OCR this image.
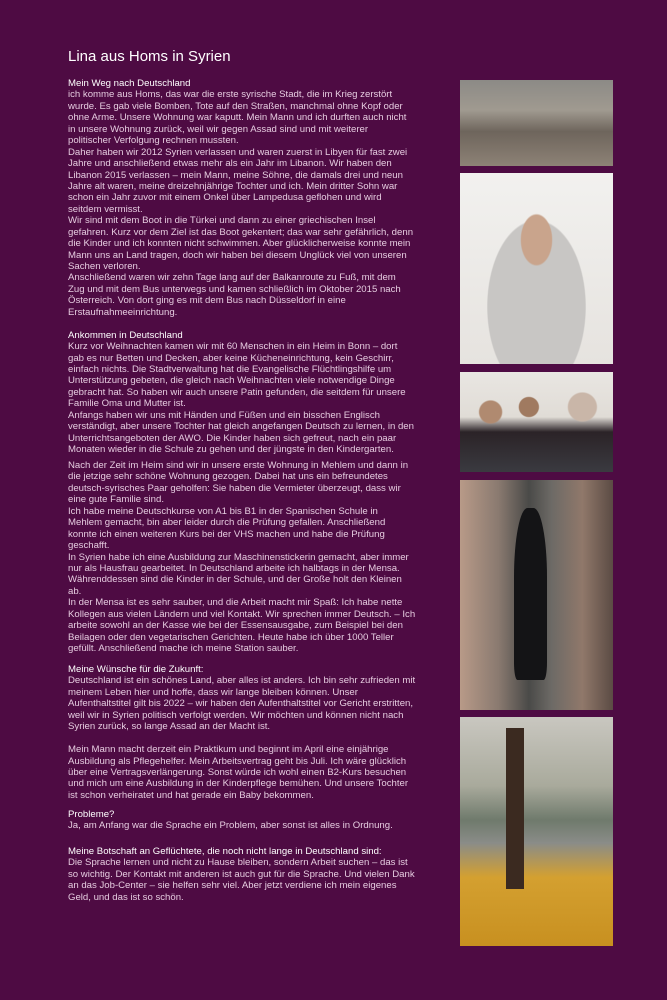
Lina aus Homs in Syrien
Mein Weg nach Deutschland
ich komme aus Homs, das war die erste syrische Stadt, die im Krieg zerstört
wurde. Es gab viele Bomben, Tote auf den Straßen, manchmal ohne Kopf oder
ohne Arme. Unsere Wohnung war kaputt. Mein Mann und ich durften auch nicht
in unsere Wohnung zurück, weil wir gegen Assad sind und mit weiterer
politischer Verfolgung rechnen mussten.
Daher haben wir 2012 Syrien verlassen und waren zuerst in Libyen für fast zwei
Jahre und anschließend etwas mehr als ein Jahr im Libanon. Wir haben den
Libanon 2015 verlassen – mein Mann, meine Söhne, die damals drei und neun
Jahre alt waren, meine dreizehnjährige Tochter und ich. Mein dritter Sohn war
schon ein Jahr zuvor mit einem Onkel über Lampedusa geflohen und wird
seitdem vermisst.
Wir sind mit dem Boot in die Türkei und dann zu einer griechischen Insel
gefahren. Kurz vor dem Ziel ist das Boot gekentert; das war sehr gefährlich, denn
die Kinder und ich konnten nicht schwimmen. Aber glücklicherweise konnte mein
Mann uns an Land tragen, doch wir haben bei diesem Unglück viel von unseren
Sachen verloren.
Anschließend waren wir zehn Tage lang auf der Balkanroute zu Fuß, mit dem
Zug und mit dem Bus unterwegs und kamen schließlich im Oktober 2015 nach
Österreich. Von dort ging es mit dem Bus nach Düsseldorf in eine
Erstaufnahmeeinrichtung.
Ankommen in Deutschland
Kurz vor Weihnachten kamen wir mit 60 Menschen in ein Heim in Bonn – dort
gab es nur Betten und Decken, aber keine Kücheneinrichtung, kein Geschirr,
einfach nichts. Die Stadtverwaltung hat die Evangelische Flüchtlingshilfe um
Unterstützung gebeten, die gleich nach Weihnachten viele notwendige Dinge
gebracht hat. So haben wir auch unsere Patin gefunden, die seitdem für unsere
Familie Oma und Mutter ist.
Anfangs haben wir uns mit Händen und Füßen und ein bisschen Englisch
verständigt, aber unsere Tochter hat gleich angefangen Deutsch zu lernen, in den
Unterrichtsangeboten der AWO. Die Kinder haben sich gefreut, nach ein paar
Monaten wieder in die Schule zu gehen und der jüngste in den Kindergarten.
Nach der Zeit im Heim sind wir in unsere erste Wohnung in Mehlem und dann in
die jetzige sehr schöne Wohnung gezogen. Dabei hat uns ein befreundetes
deutsch-syrisches Paar geholfen: Sie haben die Vermieter überzeugt, dass wir
eine gute Familie sind.
Ich habe meine Deutschkurse von A1 bis B1 in der Spanischen Schule in
Mehlem gemacht, bin aber leider durch die Prüfung gefallen. Anschließend
konnte ich einen weiteren Kurs bei der VHS machen und habe die Prüfung
geschafft.
In Syrien habe ich eine Ausbildung zur Maschinenstickerin gemacht, aber immer
nur als Hausfrau gearbeitet. In Deutschland arbeite ich halbtags in der Mensa.
Währenddessen sind die Kinder in der Schule, und der Große holt den Kleinen
ab.
In der Mensa ist es sehr sauber, und die Arbeit macht mir Spaß: Ich habe nette
Kollegen aus vielen Ländern und viel Kontakt. Wir sprechen immer Deutsch. – Ich
arbeite sowohl an der Kasse wie bei der Essensausgabe, zum Beispiel bei den
Beilagen oder den vegetarischen Gerichten. Heute habe ich über 1000 Teller
gefüllt. Anschließend mache ich meine Station sauber.
Meine Wünsche für die Zukunft:
Deutschland ist ein schönes Land, aber alles ist anders. Ich bin sehr zufrieden mit
meinem Leben hier und hoffe, dass wir lange bleiben können. Unser
Aufenthaltstitel gilt bis 2022 – wir haben den Aufenthaltstitel vor Gericht erstritten,
weil wir in Syrien politisch verfolgt werden. Wir möchten und können nicht nach
Syrien zurück, so lange Assad an der Macht ist.
Mein Mann macht derzeit ein Praktikum und beginnt im April eine einjährige
Ausbildung als Pflegehelfer. Mein Arbeitsvertrag geht bis Juli. Ich wäre glücklich
über eine Vertragsverlängerung. Sonst würde ich wohl einen B2-Kurs besuchen
und mich um eine Ausbildung in der Kinderpflege bemühen. Und unsere Tochter
ist schon verheiratet und hat gerade ein Baby bekommen.
Probleme?
Ja, am Anfang war die Sprache ein Problem, aber sonst ist alles in Ordnung.
Meine Botschaft an Geflüchtete, die noch nicht lange in Deutschland sind:
Die Sprache lernen und nicht zu Hause bleiben, sondern Arbeit suchen – das ist
so wichtig. Der Kontakt mit anderen ist auch gut für die Sprache. Und vielen Dank
an das Job-Center – sie helfen sehr viel. Aber jetzt verdiene ich mein eigenes
Geld, und das ist so schön.
